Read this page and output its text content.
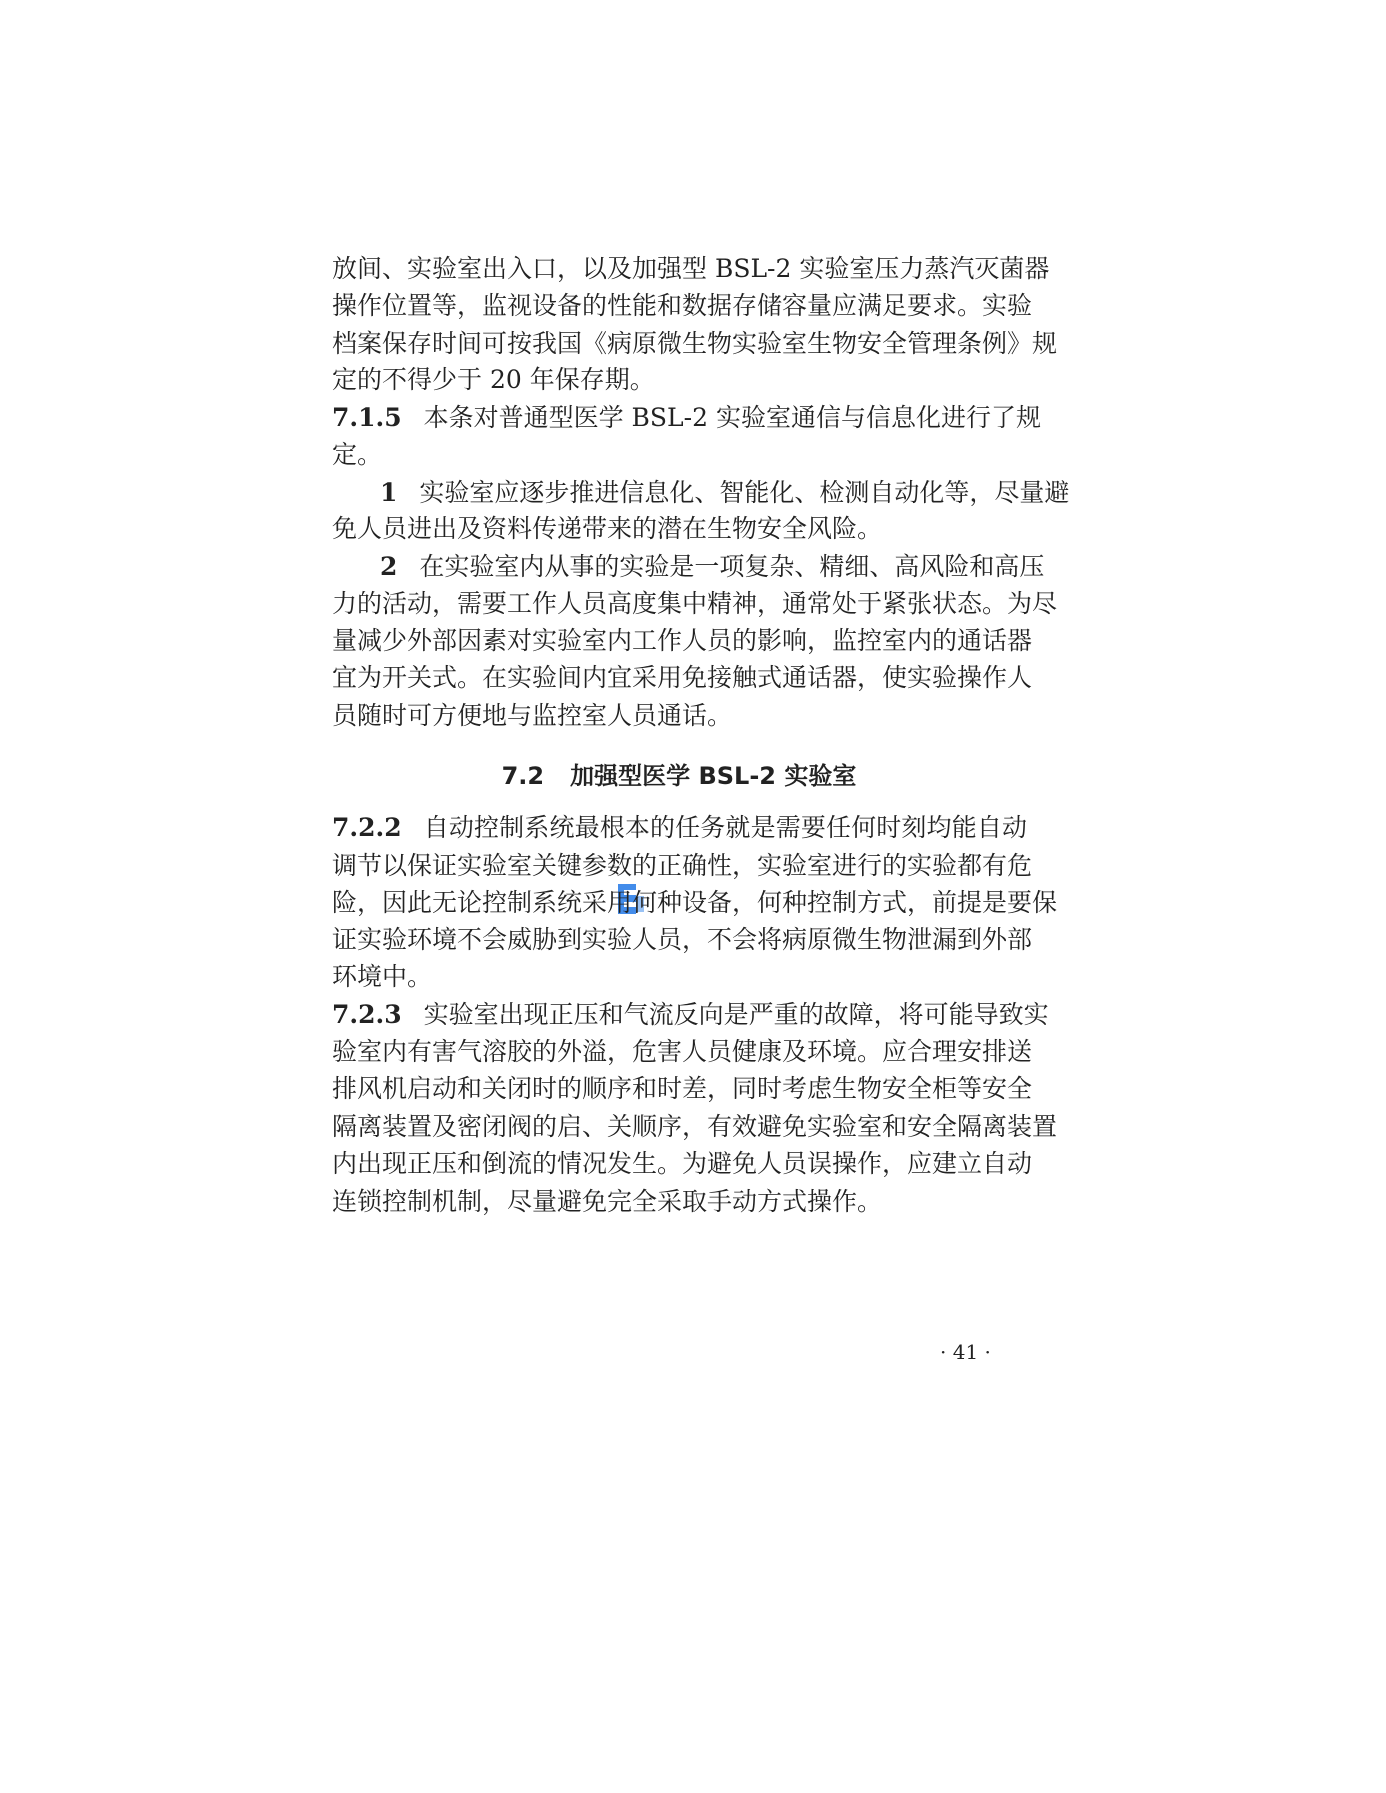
放间、实验室出入口，以及加强型 BSL-2 实验室压力蒸汽灭菌器
操作位置等，监视设备的性能和数据存储容量应满足要求。实验
档案保存时间可按我国《病原微生物实验室生物安全管理条例》规
定的不得少于 20 年保存期。
7.1.5 本条对普通型医学 BSL-2 实验室通信与信息化进行了规
定。
1 实验室应逐步推进信息化、智能化、检测自动化等，尽量避
免人员进出及资料传递带来的潜在生物安全风险。
2 在实验室内从事的实验是一项复杂、精细、高风险和高压
力的活动，需要工作人员高度集中精神，通常处于紧张状态。为尽
量减少外部因素对实验室内工作人员的影响，监控室内的通话器
宜为开关式。在实验间内宜采用免接触式通话器，使实验操作人
员随时可方便地与监控室人员通话。
7.2.2 自动控制系统最根本的任务就是需要任何时刻均能自动
调节以保证实验室关键参数的正确性，实验室进行的实验都有危
险，因此无论控制系统采用何种设备，何种控制方式，前提是要保
证实验环境不会威胁到实验人员，不会将病原微生物泄漏到外部
环境中。
7.2.3 实验室出现正压和气流反向是严重的故障，将可能导致实
验室内有害气溶胶的外溢，危害人员健康及环境。应合理安排送
排风机启动和关闭时的顺序和时差，同时考虑生物安全柜等安全
隔离装置及密闭阀的启、关顺序，有效避免实验室和安全隔离装置
内出现正压和倒流的情况发生。为避免人员误操作，应建立自动
连锁控制机制，尽量避免完全采取手动方式操作。
7.2 加强型医学 BSL-2 实验室
· 41 ·
